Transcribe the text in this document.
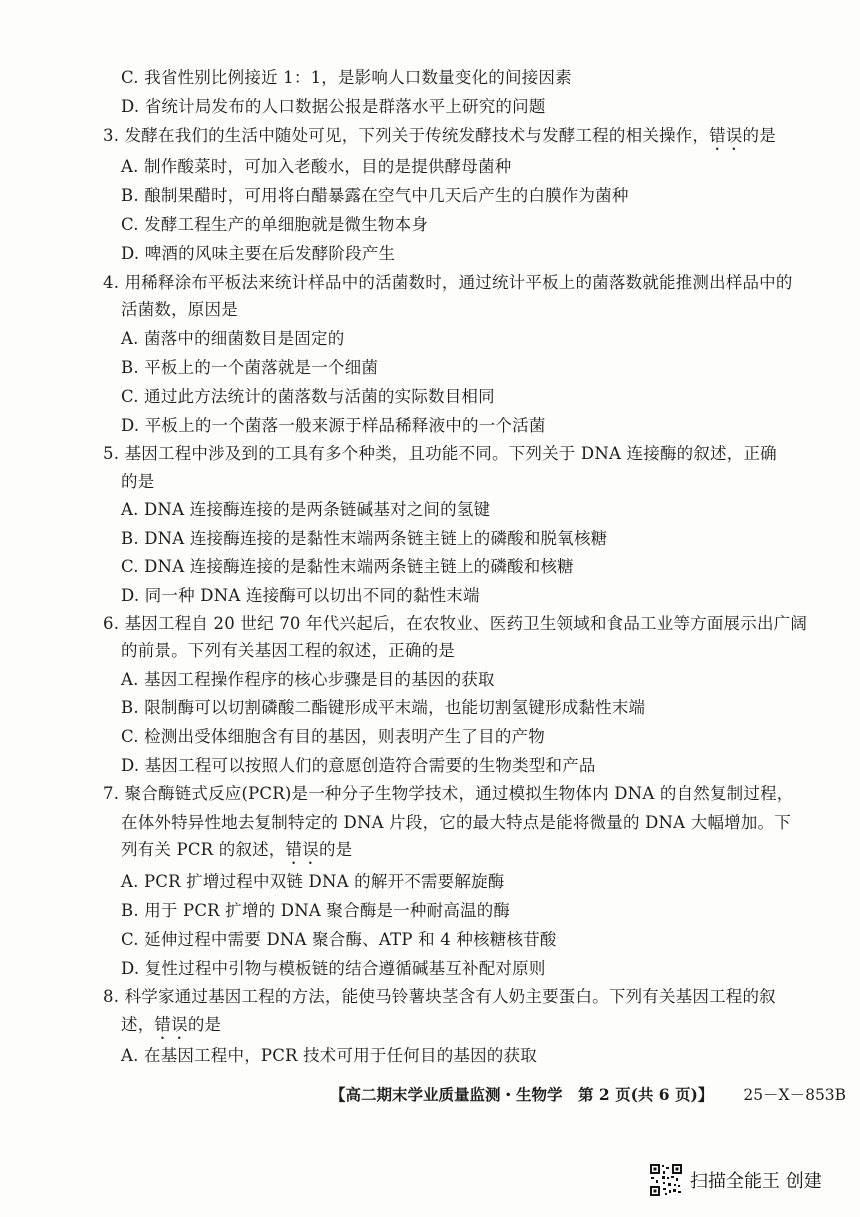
C. 我省性别比例接近 1：1，是影响人口数量变化的间接因素
D. 省统计局发布的人口数据公报是群落水平上研究的问题
3. 发酵在我们的生活中随处可见，下列关于传统发酵技术与发酵工程的相关操作，错误的是
A. 制作酸菜时，可加入老酸水，目的是提供酵母菌种
B. 酿制果醋时，可用将白醋暴露在空气中几天后产生的白膜作为菌种
C. 发酵工程生产的单细胞就是微生物本身
D. 啤酒的风味主要在后发酵阶段产生
4. 用稀释涂布平板法来统计样品中的活菌数时，通过统计平板上的菌落数就能推测出样品中的
活菌数，原因是
A. 菌落中的细菌数目是固定的
B. 平板上的一个菌落就是一个细菌
C. 通过此方法统计的菌落数与活菌的实际数目相同
D. 平板上的一个菌落一般来源于样品稀释液中的一个活菌
5. 基因工程中涉及到的工具有多个种类，且功能不同。下列关于 DNA 连接酶的叙述，正确
的是
A. DNA 连接酶连接的是两条链碱基对之间的氢键
B. DNA 连接酶连接的是黏性末端两条链主链上的磷酸和脱氧核糖
C. DNA 连接酶连接的是黏性末端两条链主链上的磷酸和核糖
D. 同一种 DNA 连接酶可以切出不同的黏性末端
6. 基因工程自 20 世纪 70 年代兴起后，在农牧业、医药卫生领域和食品工业等方面展示出广阔
的前景。下列有关基因工程的叙述，正确的是
A. 基因工程操作程序的核心步骤是目的基因的获取
B. 限制酶可以切割磷酸二酯键形成平末端，也能切割氢键形成黏性末端
C. 检测出受体细胞含有目的基因，则表明产生了目的产物
D. 基因工程可以按照人们的意愿创造符合需要的生物类型和产品
7. 聚合酶链式反应(PCR)是一种分子生物学技术，通过模拟生物体内 DNA 的自然复制过程，
在体外特异性地去复制特定的 DNA 片段，它的最大特点是能将微量的 DNA 大幅增加。下
列有关 PCR 的叙述，错误的是
A. PCR 扩增过程中双链 DNA 的解开不需要解旋酶
B. 用于 PCR 扩增的 DNA 聚合酶是一种耐高温的酶
C. 延伸过程中需要 DNA 聚合酶、ATP 和 4 种核糖核苷酸
D. 复性过程中引物与模板链的结合遵循碱基互补配对原则
8. 科学家通过基因工程的方法，能使马铃薯块茎含有人奶主要蛋白。下列有关基因工程的叙
述，错误的是
A. 在基因工程中，PCR 技术可用于任何目的基因的获取
【高二期末学业质量监测・生物学　第 2 页(共 6 页)】 25－X－853B
扫描全能王 创建
